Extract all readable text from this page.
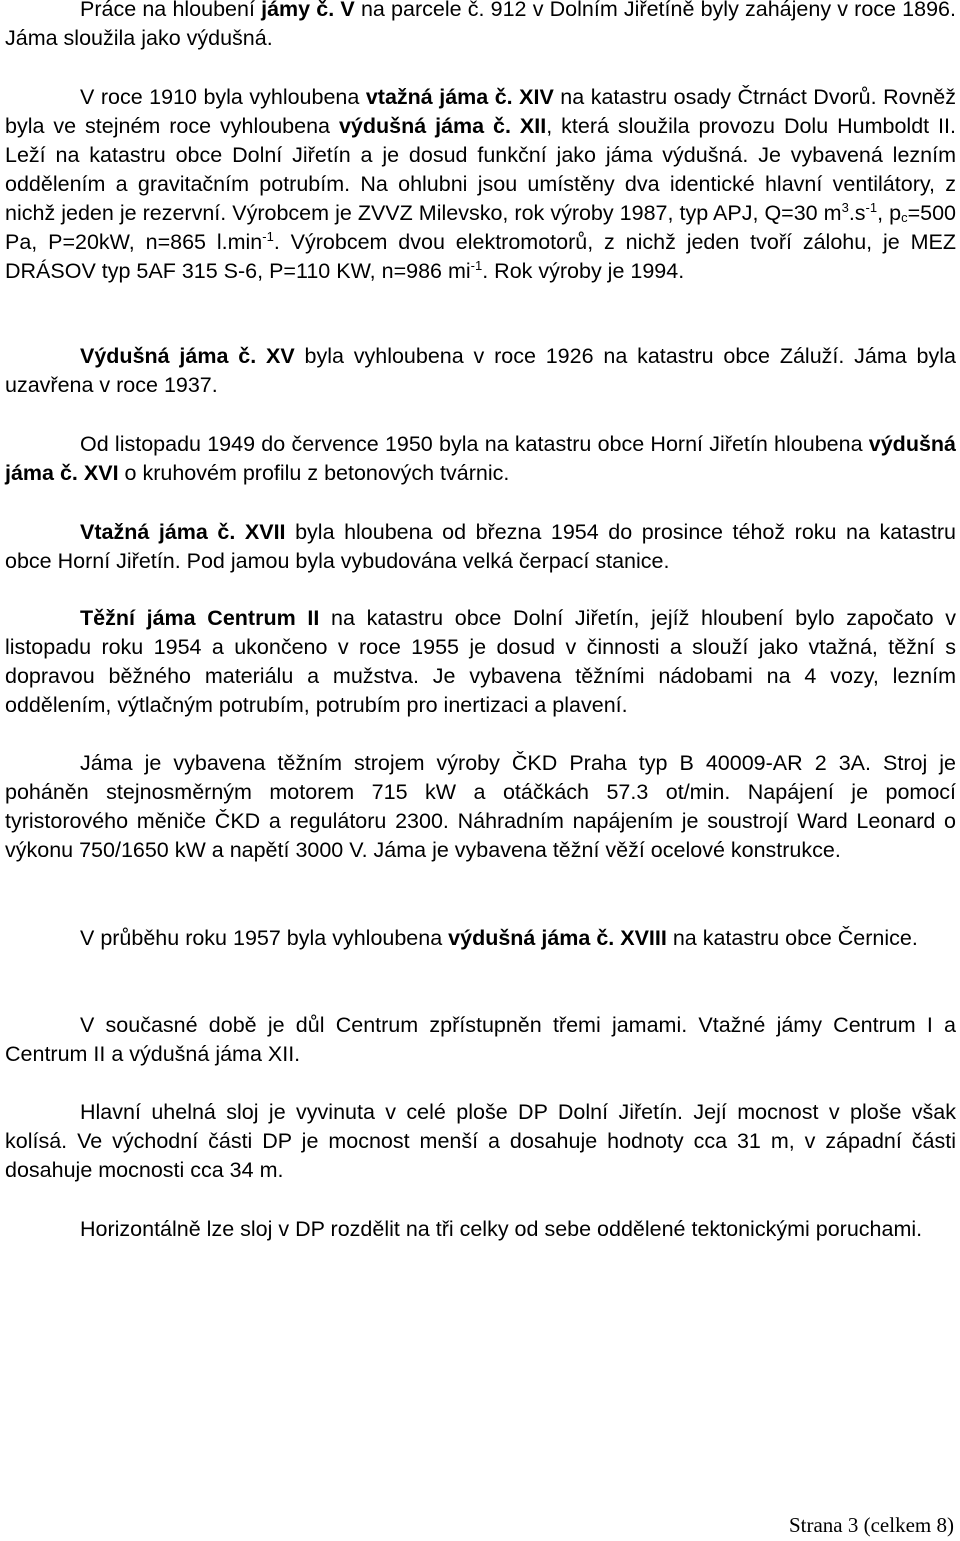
Práce na hloubení jámy č. V na parcele č. 912 v Dolním Jiřetíně byly zahájeny v roce 1896. Jáma sloužila jako výdušná.

V roce 1910 byla vyhloubena vtažná jáma č. XIV na katastru osady Čtrnáct Dvorů. Rovněž byla ve stejném roce vyhloubena výdušná jáma č. XII, která sloužila provozu Dolu Humboldt II. Leží na katastru obce Dolní Jiřetín a je dosud funkční jako jáma výdušná. Je vybavená lezním oddělením a gravitačním potrubím. Na ohlubni jsou umístěny dva identické hlavní ventilátory, z nichž jeden je rezervní. Výrobcem je ZVVZ Milevsko, rok výroby 1987, typ APJ, Q=30 $m^3.s^{-1}$, $p_c=500$ Pa, P=20kW, n=865 $l.\min^{-1}$. Výrobcem dvou elektromotorů, z nichž jeden tvoří zálohu, je MEZ DRÁSOV typ 5AF 315 S-6, P=110 KW, n=986 $mi^{-1}$. Rok výroby je 1994.

Výdušná jáma č. XV byla vyhloubena v roce 1926 na katastru obce Záluží. Jáma byla uzavřena v roce 1937.

Od listopadu 1949 do července 1950 byla na katastru obce Horní Jiřetín hloubena výdušná jáma č. XVI o kruhovém profilu z betonových tvárnic.

Vtažná jáma č. XVII byla hloubena od března 1954 do prosince téhož roku na katastru obce Horní Jiřetín. Pod jamou byla vybudována velká čerpací stanice.

Těžní jáma Centrum II na katastru obce Dolní Jiřetín, jejíž hloubení bylo započato v listopadu roku 1954 a ukončeno v roce 1955 je dosud v činnosti a slouží jako vtažná, těžní s dopravou běžného materiálu a mužstva. Je vybavena těžními nádobami na 4 vozy, lezním oddělením, výtlačným potrubím, potrubím pro inertizaci a plavení.

Jáma je vybavena těžním strojem výroby ČKD Praha typ B 40009-AR 2 3A. Stroj je poháněn stejnosměrným motorem 715 kW a otáčkách 57.3 ot/min. Napájení je pomocí tyristorového měniče ČKD a regulátoru 2300. Náhradním napájením je soustrojí Ward Leonard o výkonu 750/1650 kW a napětí 3000 V. Jáma je vybavena těžní věží ocelové konstrukce.

V průběhu roku 1957 byla vyhloubena výdušná jáma č. XVIII na katastru obce Černice.

V současné době je důl Centrum zpřístupněn třemi jamami. Vtažné jámy Centrum I a Centrum II a výdušná jáma XII.

Hlavní uhelná sloj je vyvinuta v celé ploše DP Dolní Jiřetín. Její mocnost v ploše však kolísá. Ve východní části DP je mocnost menší a dosahuje hodnoty cca 31 m, v západní části dosahuje mocnosti cca 34 m.

Horizontálně lze sloj v DP rozdělit na tři celky od sebe oddělené tektonickými poruchami.

Strana 3 (celkem 8)
